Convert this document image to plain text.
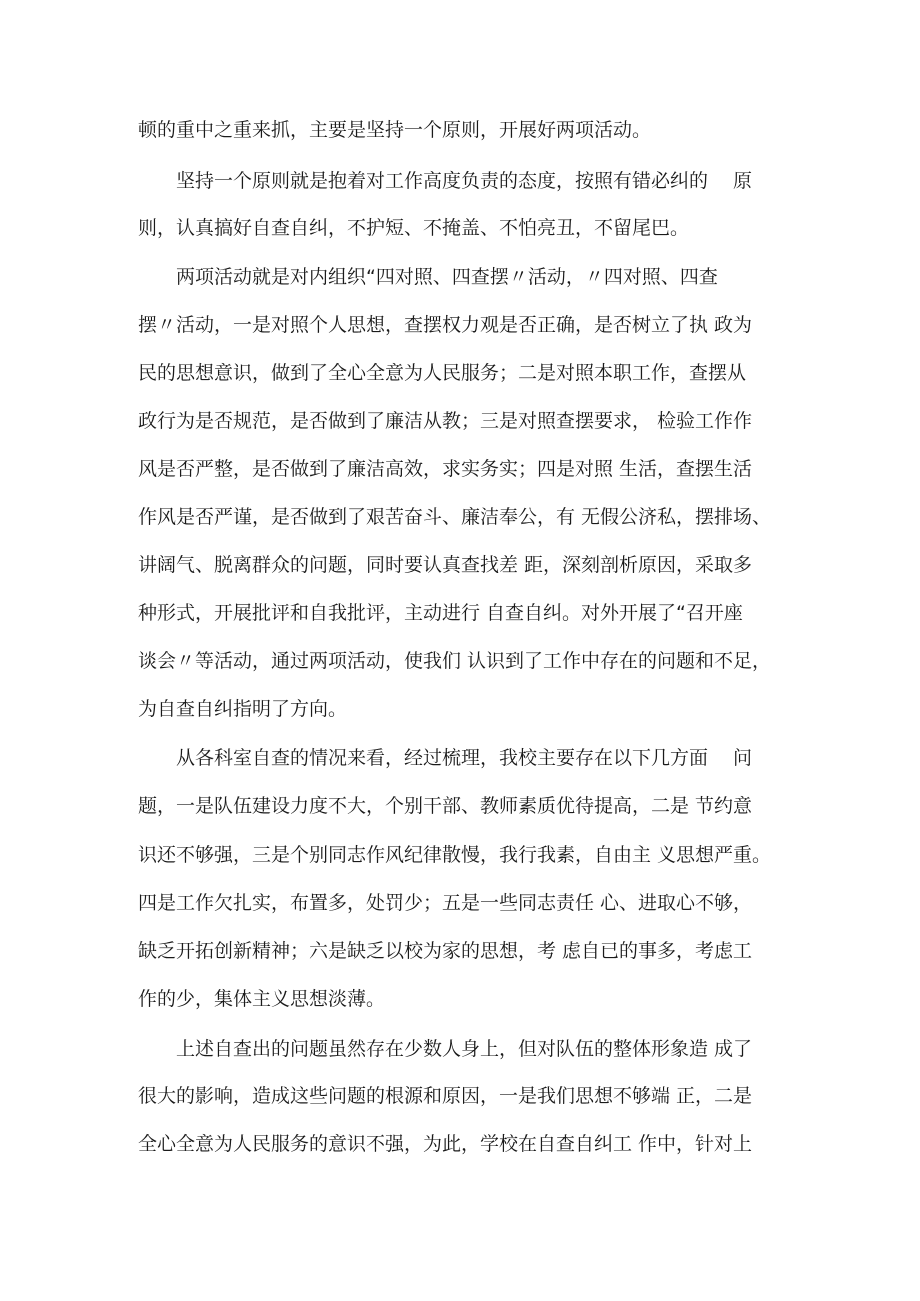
顿的重中之重来抓，主要是坚持一个原则，开展好两项活动。
　　坚持一个原则就是抱着对工作高度负责的态度，按照有错必纠的　 原
则，认真搞好自查自纠，不护短、不掩盖、不怕亮丑，不留尾巴。
　　两项活动就是对内组织“四对照、四查摆〃活动，〃四对照、四查
摆〃活动，一是对照个人思想，查摆权力观是否正确，是否树立了执 政为
民的思想意识，做到了全心全意为人民服务；二是对照本职工作，查摆从
政行为是否规范，是否做到了廉洁从教；三是对照查摆要求， 检验工作作
风是否严整，是否做到了廉洁高效，求实务实；四是对照 生活，查摆生活
作风是否严谨，是否做到了艰苦奋斗、廉洁奉公，有 无假公济私，摆排场、
讲阔气、脱离群众的问题，同时要认真查找差 距，深刻剖析原因，采取多
种形式，开展批评和自我批评，主动进行 自查自纠。对外开展了“召开座
谈会〃等活动，通过两项活动，使我们 认识到了工作中存在的问题和不足，
为自查自纠指明了方向。
　　从各科室自查的情况来看，经过梳理，我校主要存在以下几方面　 问
题，一是队伍建设力度不大，个别干部、教师素质优待提高，二是 节约意
识还不够强，三是个别同志作风纪律散慢，我行我素，自由主 义思想严重。
四是工作欠扎实，布置多，处罚少；五是一些同志责任 心、进取心不够，
缺乏开拓创新精神；六是缺乏以校为家的思想，考 虑自已的事多，考虑工
作的少，集体主义思想淡薄。
　　上述自查出的问题虽然存在少数人身上，但对队伍的整体形象造 成了
很大的影响，造成这些问题的根源和原因，一是我们思想不够端 正，二是
全心全意为人民服务的意识不强，为此，学校在自查自纠工 作中，针对上
